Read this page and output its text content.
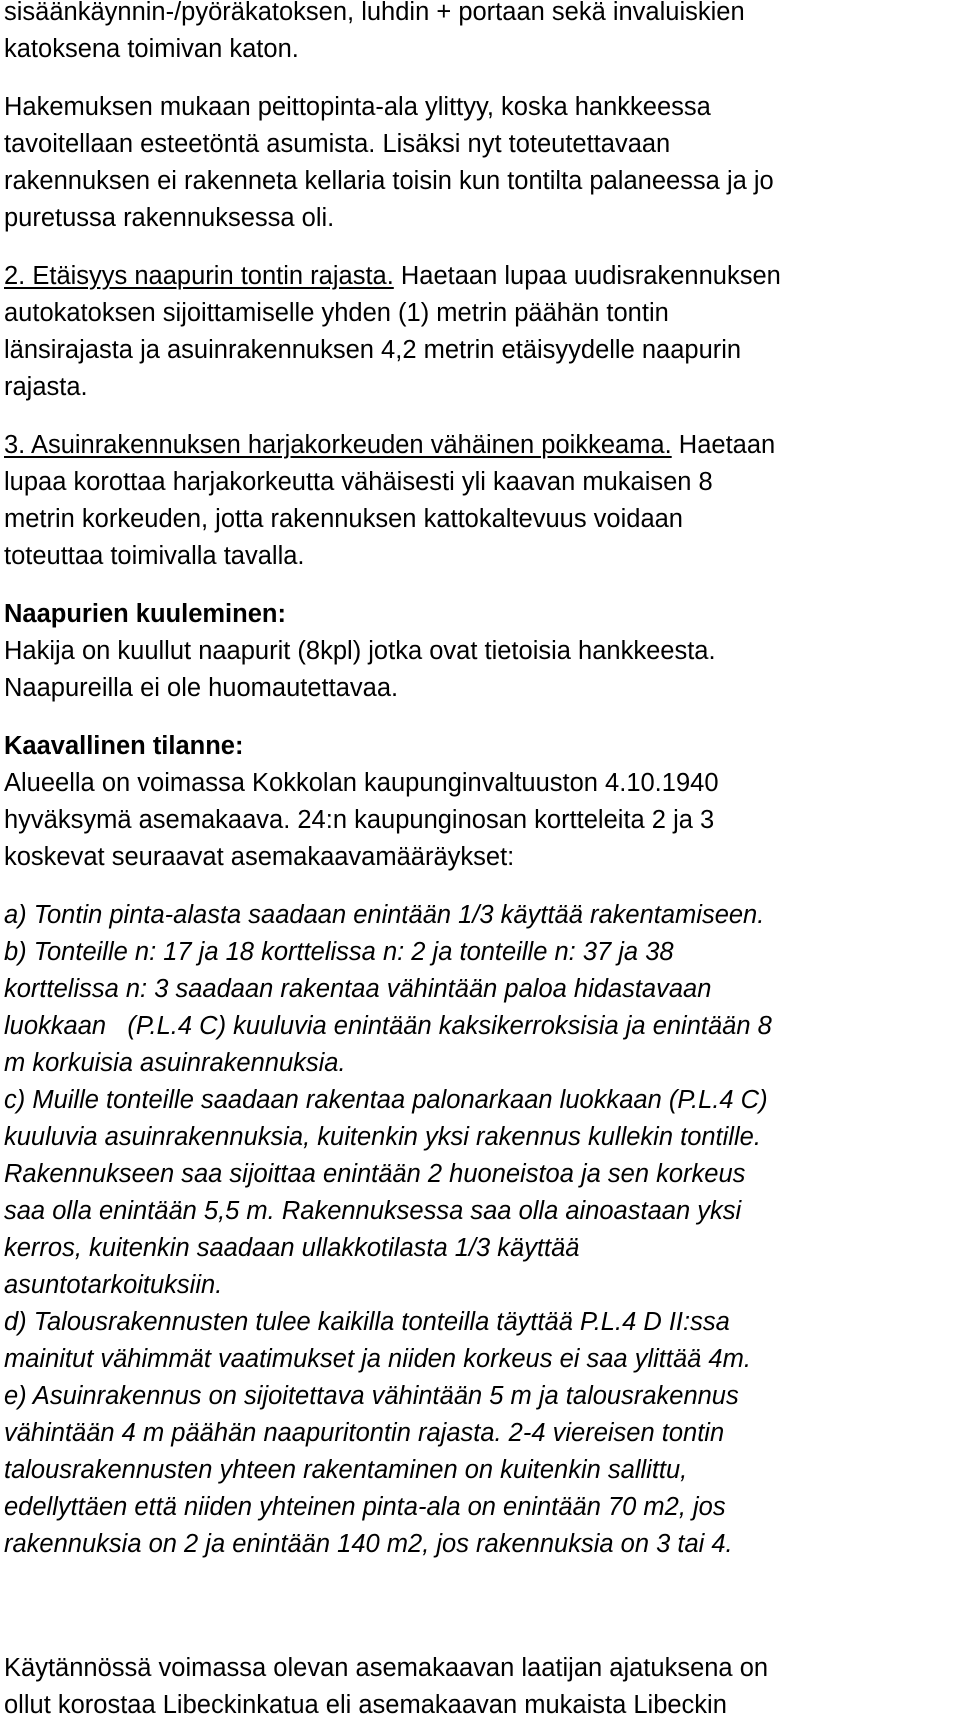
sisäänkäynnin-/pyöräkatoksen, luhdin + portaan sekä invaluiskien

katoksena toimivan katon.

Hakemuksen mukaan peittopinta-ala ylittyy, koska hankkeessa

tavoitellaan esteetöntä asumista. Lisäksi nyt toteutettavaan

rakennuksen ei rakenneta kellaria toisin kun tontilta palaneessa ja jo

puretussa rakennuksessa oli.

2. Etäisyys naapurin tontin rajasta. Haetaan lupaa uudisrakennuksen

autokatoksen sijoittamiselle yhden (1) metrin päähän tontin

länsirajasta ja asuinrakennuksen 4,2 metrin etäisyydelle naapurin

rajasta.

3. Asuinrakennuksen harjakorkeuden vähäinen poikkeama. Haetaan

lupaa korottaa harjakorkeutta vähäisesti yli kaavan mukaisen 8

metrin korkeuden, jotta rakennuksen kattokaltevuus voidaan

toteuttaa toimivalla tavalla.

Naapurien kuuleminen:

Hakija on kuullut naapurit (8kpl) jotka ovat tietoisia hankkeesta.

Naapureilla ei ole huomautettavaa.

Kaavallinen tilanne:

Alueella on voimassa Kokkolan kaupunginvaltuuston 4.10.1940

hyväksymä asemakaava. 24:n kaupunginosan kortteleita 2 ja 3

koskevat seuraavat asemakaavamääräykset:

a) Tontin pinta-alasta saadaan enintään 1/3 käyttää rakentamiseen.

b) Tonteille n: 17 ja 18 korttelissa n: 2 ja tonteille n: 37 ja 38

korttelissa n: 3 saadaan rakentaa vähintään paloa hidastavaan

luokkaan   (P.L.4 C) kuuluvia enintään kaksikerroksisia ja enintään 8

m korkuisia asuinrakennuksia.

c) Muille tonteille saadaan rakentaa palonarkaan luokkaan (P.L.4 C)

kuuluvia asuinrakennuksia, kuitenkin yksi rakennus kullekin tontille.

Rakennukseen saa sijoittaa enintään 2 huoneistoa ja sen korkeus

saa olla enintään 5,5 m. Rakennuksessa saa olla ainoastaan yksi

kerros, kuitenkin saadaan ullakkotilasta 1/3 käyttää

asuntotarkoituksiin.

d) Talousrakennusten tulee kaikilla tonteilla täyttää P.L.4 D II:ssa

mainitut vähimmät vaatimukset ja niiden korkeus ei saa ylittää 4m.

e) Asuinrakennus on sijoitettava vähintään 5 m ja talousrakennus

vähintään 4 m päähän naapuritontin rajasta. 2-4 viereisen tontin

talousrakennusten yhteen rakentaminen on kuitenkin sallittu,

edellyttäen että niiden yhteinen pinta-ala on enintään 70 m2, jos

rakennuksia on 2 ja enintään 140 m2, jos rakennuksia on 3 tai 4.

Käytännössä voimassa olevan asemakaavan laatijan ajatuksena on

ollut korostaa Libeckinkatua eli asemakaavan mukaista Libeckin
